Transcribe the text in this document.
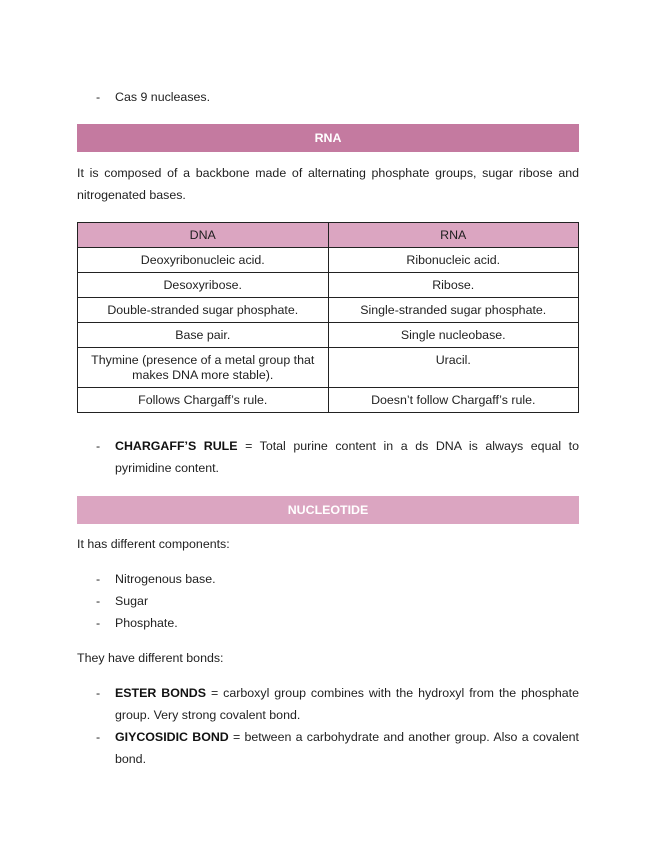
- Cas 9 nucleases.
RNA
It is composed of a backbone made of alternating phosphate groups, sugar ribose and nitrogenated bases.
DNA	RNA
Deoxyribonucleic acid.	Ribonucleic acid.
Desoxyribose.	Ribose.
Double-stranded sugar phosphate.	Single-stranded sugar phosphate.
Base pair.	Single nucleobase.
Thymine (presence of a metal group that makes DNA more stable).	Uracil.
Follows Chargaff’s rule.	Doesn’t follow Chargaff’s rule.
- CHARGAFF’S RULE = Total purine content in a ds DNA is always equal to pyrimidine content.
NUCLEOTIDE
It has different components:
- Nitrogenous base.
- Sugar
- Phosphate.
They have different bonds:
- ESTER BONDS = carboxyl group combines with the hydroxyl from the phosphate group. Very strong covalent bond.
- GIYCOSIDIC BOND = between a carbohydrate and another group. Also a covalent bond.
